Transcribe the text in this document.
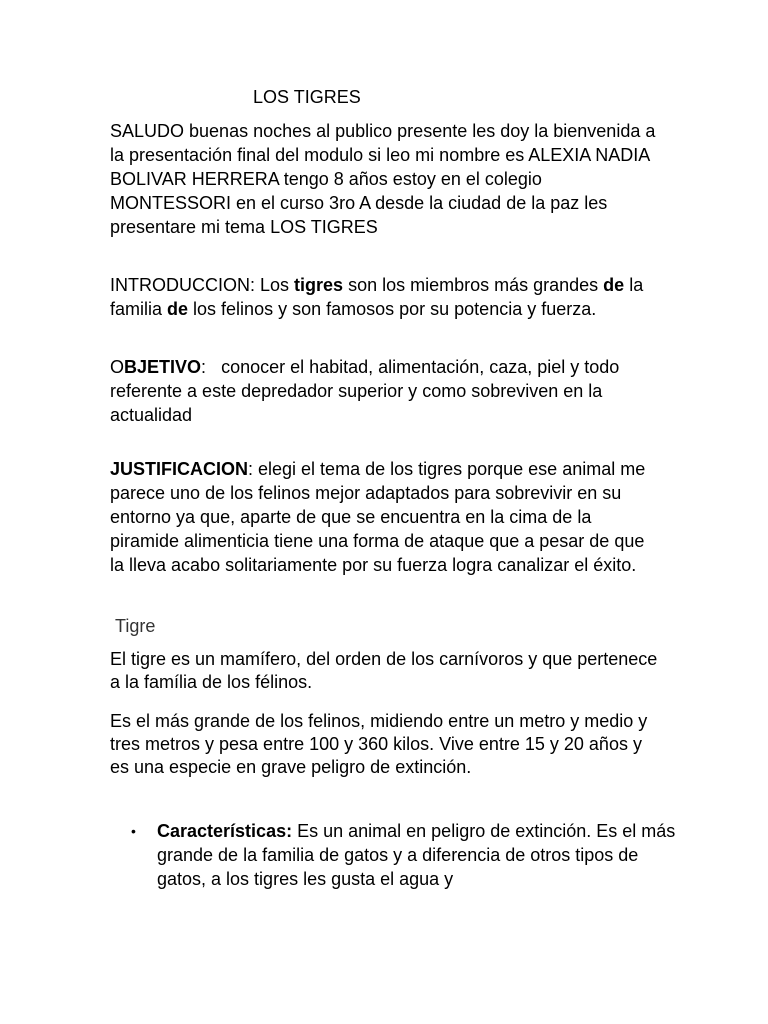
LOS TIGRES

SALUDO buenas noches al publico presente les doy la bienvenida a la presentación final del modulo si leo mi nombre es ALEXIA NADIA BOLIVAR HERRERA tengo 8 años estoy en el colegio MONTESSORI en el curso 3ro A desde la ciudad de la paz les presentare mi tema LOS TIGRES

INTRODUCCION: Los tigres son los miembros más grandes de la familia de los felinos y son famosos por su potencia y fuerza.

OBJETIVO:   conocer el habitad, alimentación, caza, piel y todo referente a este depredador superior y como sobreviven en la actualidad

JUSTIFICACION: elegi el tema de los tigres porque ese animal me parece uno de los felinos mejor adaptados para sobrevivir en su entorno ya que, aparte de que se encuentra en la cima de la piramide alimenticia tiene una forma de ataque que a pesar de que la lleva acabo solitariamente por su fuerza logra canalizar el éxito.

Tigre

El tigre es un mamífero, del orden de los carnívoros y que pertenece a la família de los félinos.

Es el más grande de los felinos, midiendo entre un metro y medio y tres metros y pesa entre 100 y 360 kilos. Vive entre 15 y 20 años y es una especie en grave peligro de extinción.

• Características: Es un animal en peligro de extinción. Es el más grande de la familia de gatos y a diferencia de otros tipos de gatos, a los tigres les gusta el agua y
